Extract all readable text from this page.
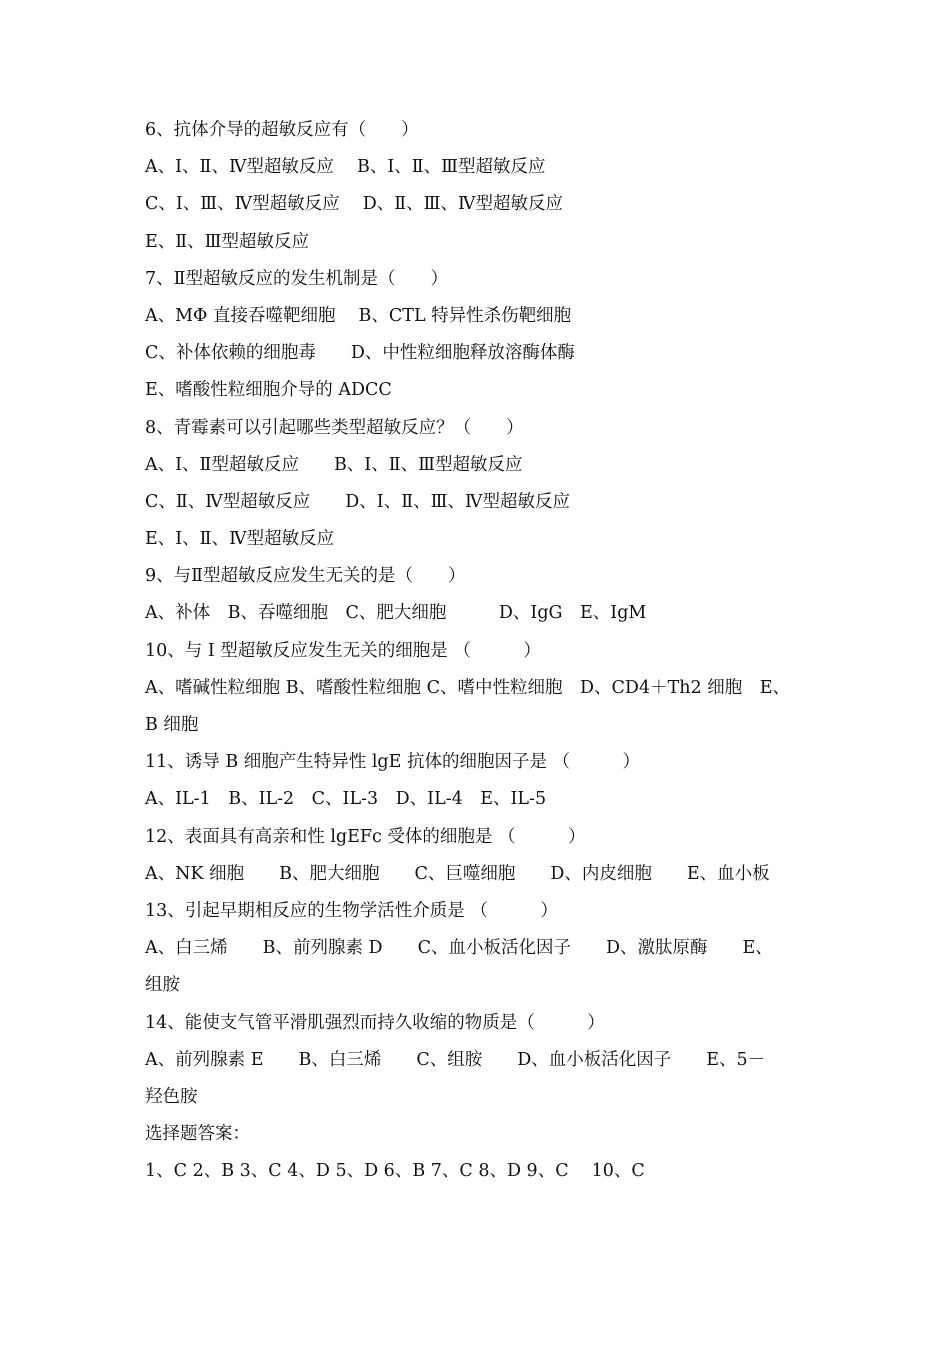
6、抗体介导的超敏反应有（　　）
A、Ⅰ、Ⅱ、Ⅳ型超敏反应　 B、Ⅰ、Ⅱ、Ⅲ型超敏反应
C、Ⅰ、Ⅲ、Ⅳ型超敏反应　 D、Ⅱ、Ⅲ、Ⅳ型超敏反应
E、Ⅱ、Ⅲ型超敏反应
7、Ⅱ型超敏反应的发生机制是（　　）
A、MΦ 直接吞噬靶细胞　 B、CTL 特异性杀伤靶细胞
C、补体依赖的细胞毒　　D、中性粒细胞释放溶酶体酶
E、嗜酸性粒细胞介导的 ADCC
8、青霉素可以引起哪些类型超敏反应？（　　）
A、Ⅰ、Ⅱ型超敏反应　　B、Ⅰ、Ⅱ、Ⅲ型超敏反应
C、Ⅱ、Ⅳ型超敏反应　　D、Ⅰ、Ⅱ、Ⅲ、Ⅳ型超敏反应
E、Ⅰ、Ⅱ、Ⅳ型超敏反应
9、与Ⅱ型超敏反应发生无关的是（　　）
A、补体　B、吞噬细胞　C、肥大细胞　　　D、IgG　E、IgM
10、与 I 型超敏反应发生无关的细胞是 （　　　）
A、嗜碱性粒细胞 B、嗜酸性粒细胞 C、嗜中性粒细胞　D、CD4＋Th2 细胞　E、
B 细胞
11、诱导 B 细胞产生特异性 lgE 抗体的细胞因子是 （　　　）
A、IL-1　B、IL-2　C、IL-3　D、IL-4　E、IL-5
12、表面具有高亲和性 lgEFc 受体的细胞是 （　　　）
A、NK 细胞　　B、肥大细胞　　C、巨噬细胞　　D、内皮细胞　　E、血小板
13、引起早期相反应的生物学活性介质是 （　　　）
A、白三烯　　B、前列腺素 D　　C、血小板活化因子　　D、激肽原酶　　E、
组胺
14、能使支气管平滑肌强烈而持久收缩的物质是（　　　）
A、前列腺素 E　　B、白三烯　　C、组胺　　D、血小板活化因子　　E、5－
羟色胺
选择题答案：
1、C 2、B 3、C 4、D 5、D 6、B 7、C 8、D 9、C　 10、C
